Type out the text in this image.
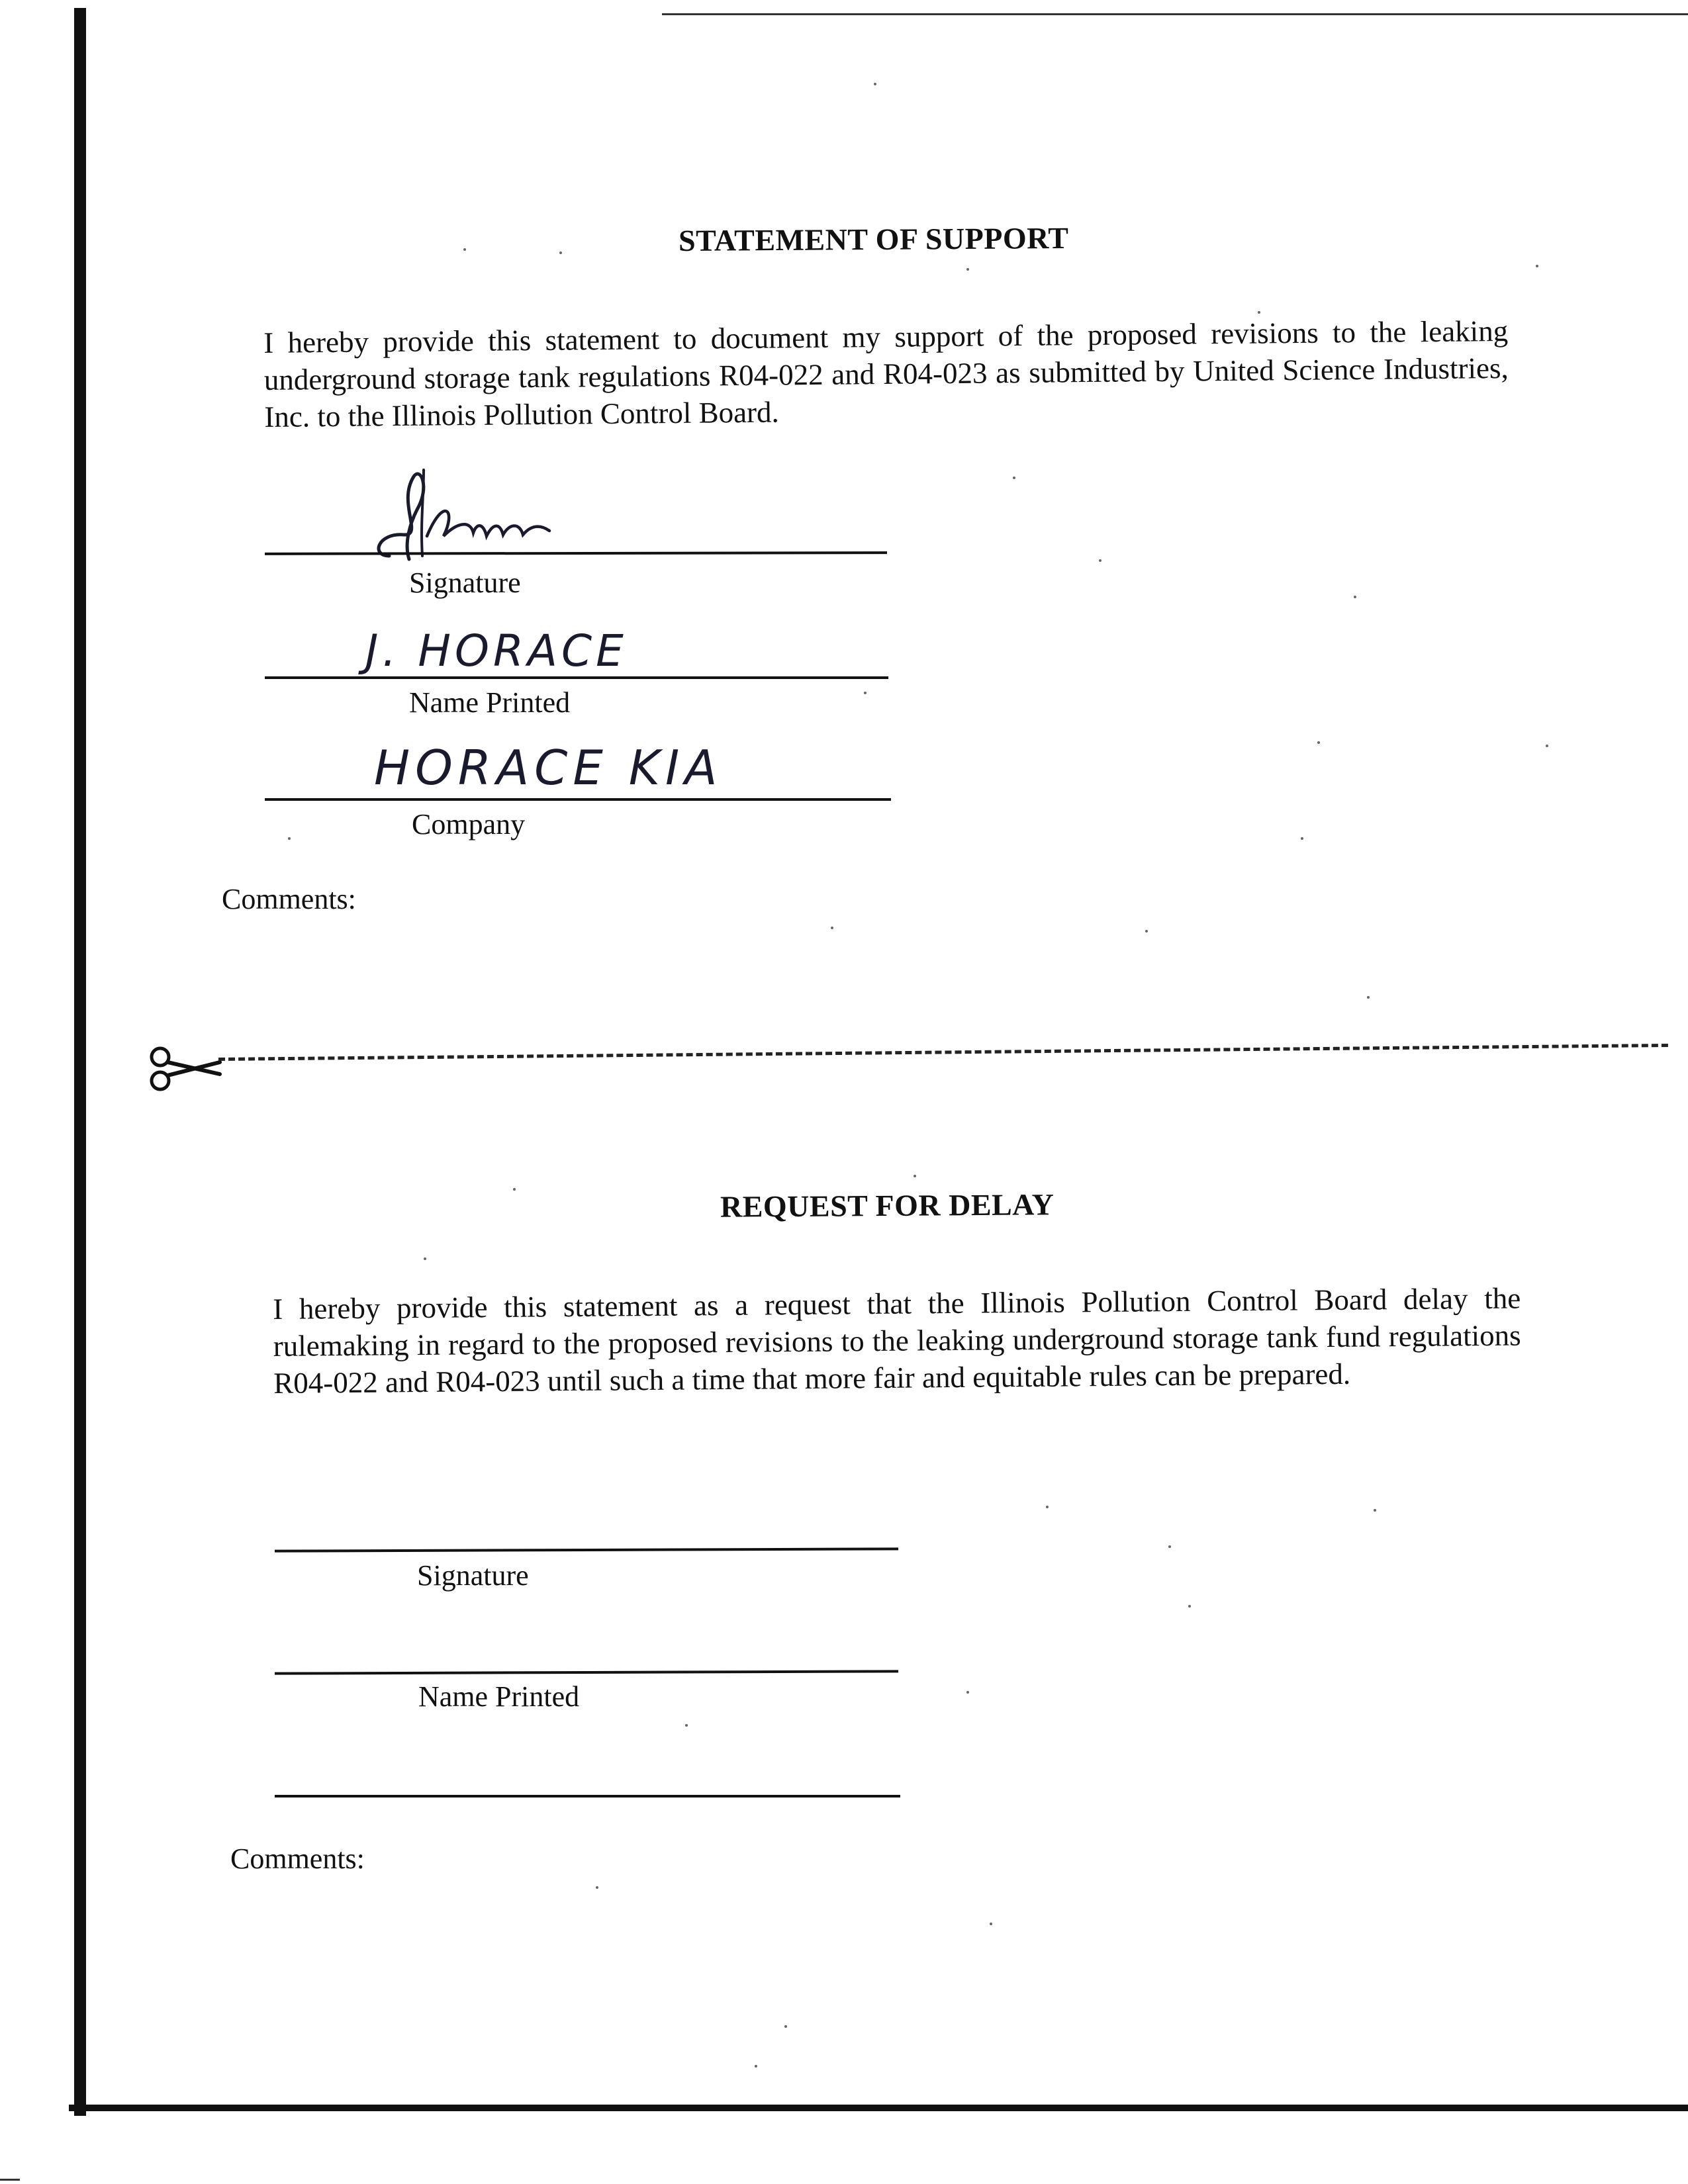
STATEMENT OF SUPPORT
I hereby provide this statement to document my support of the proposed revisions to the leaking underground storage tank regulations R04-022 and R04-023 as submitted by United Science Industries, Inc. to the Illinois Pollution Control Board.
Signature
J. HORACE
Name Printed
HORACE KIA
Company
Comments:
REQUEST FOR DELAY
I hereby provide this statement as a request that the Illinois Pollution Control Board delay the rulemaking in regard to the proposed revisions to the leaking underground storage tank fund regulations R04-022 and R04-023 until such a time that more fair and equitable rules can be prepared.
Signature
Name Printed
Comments:
